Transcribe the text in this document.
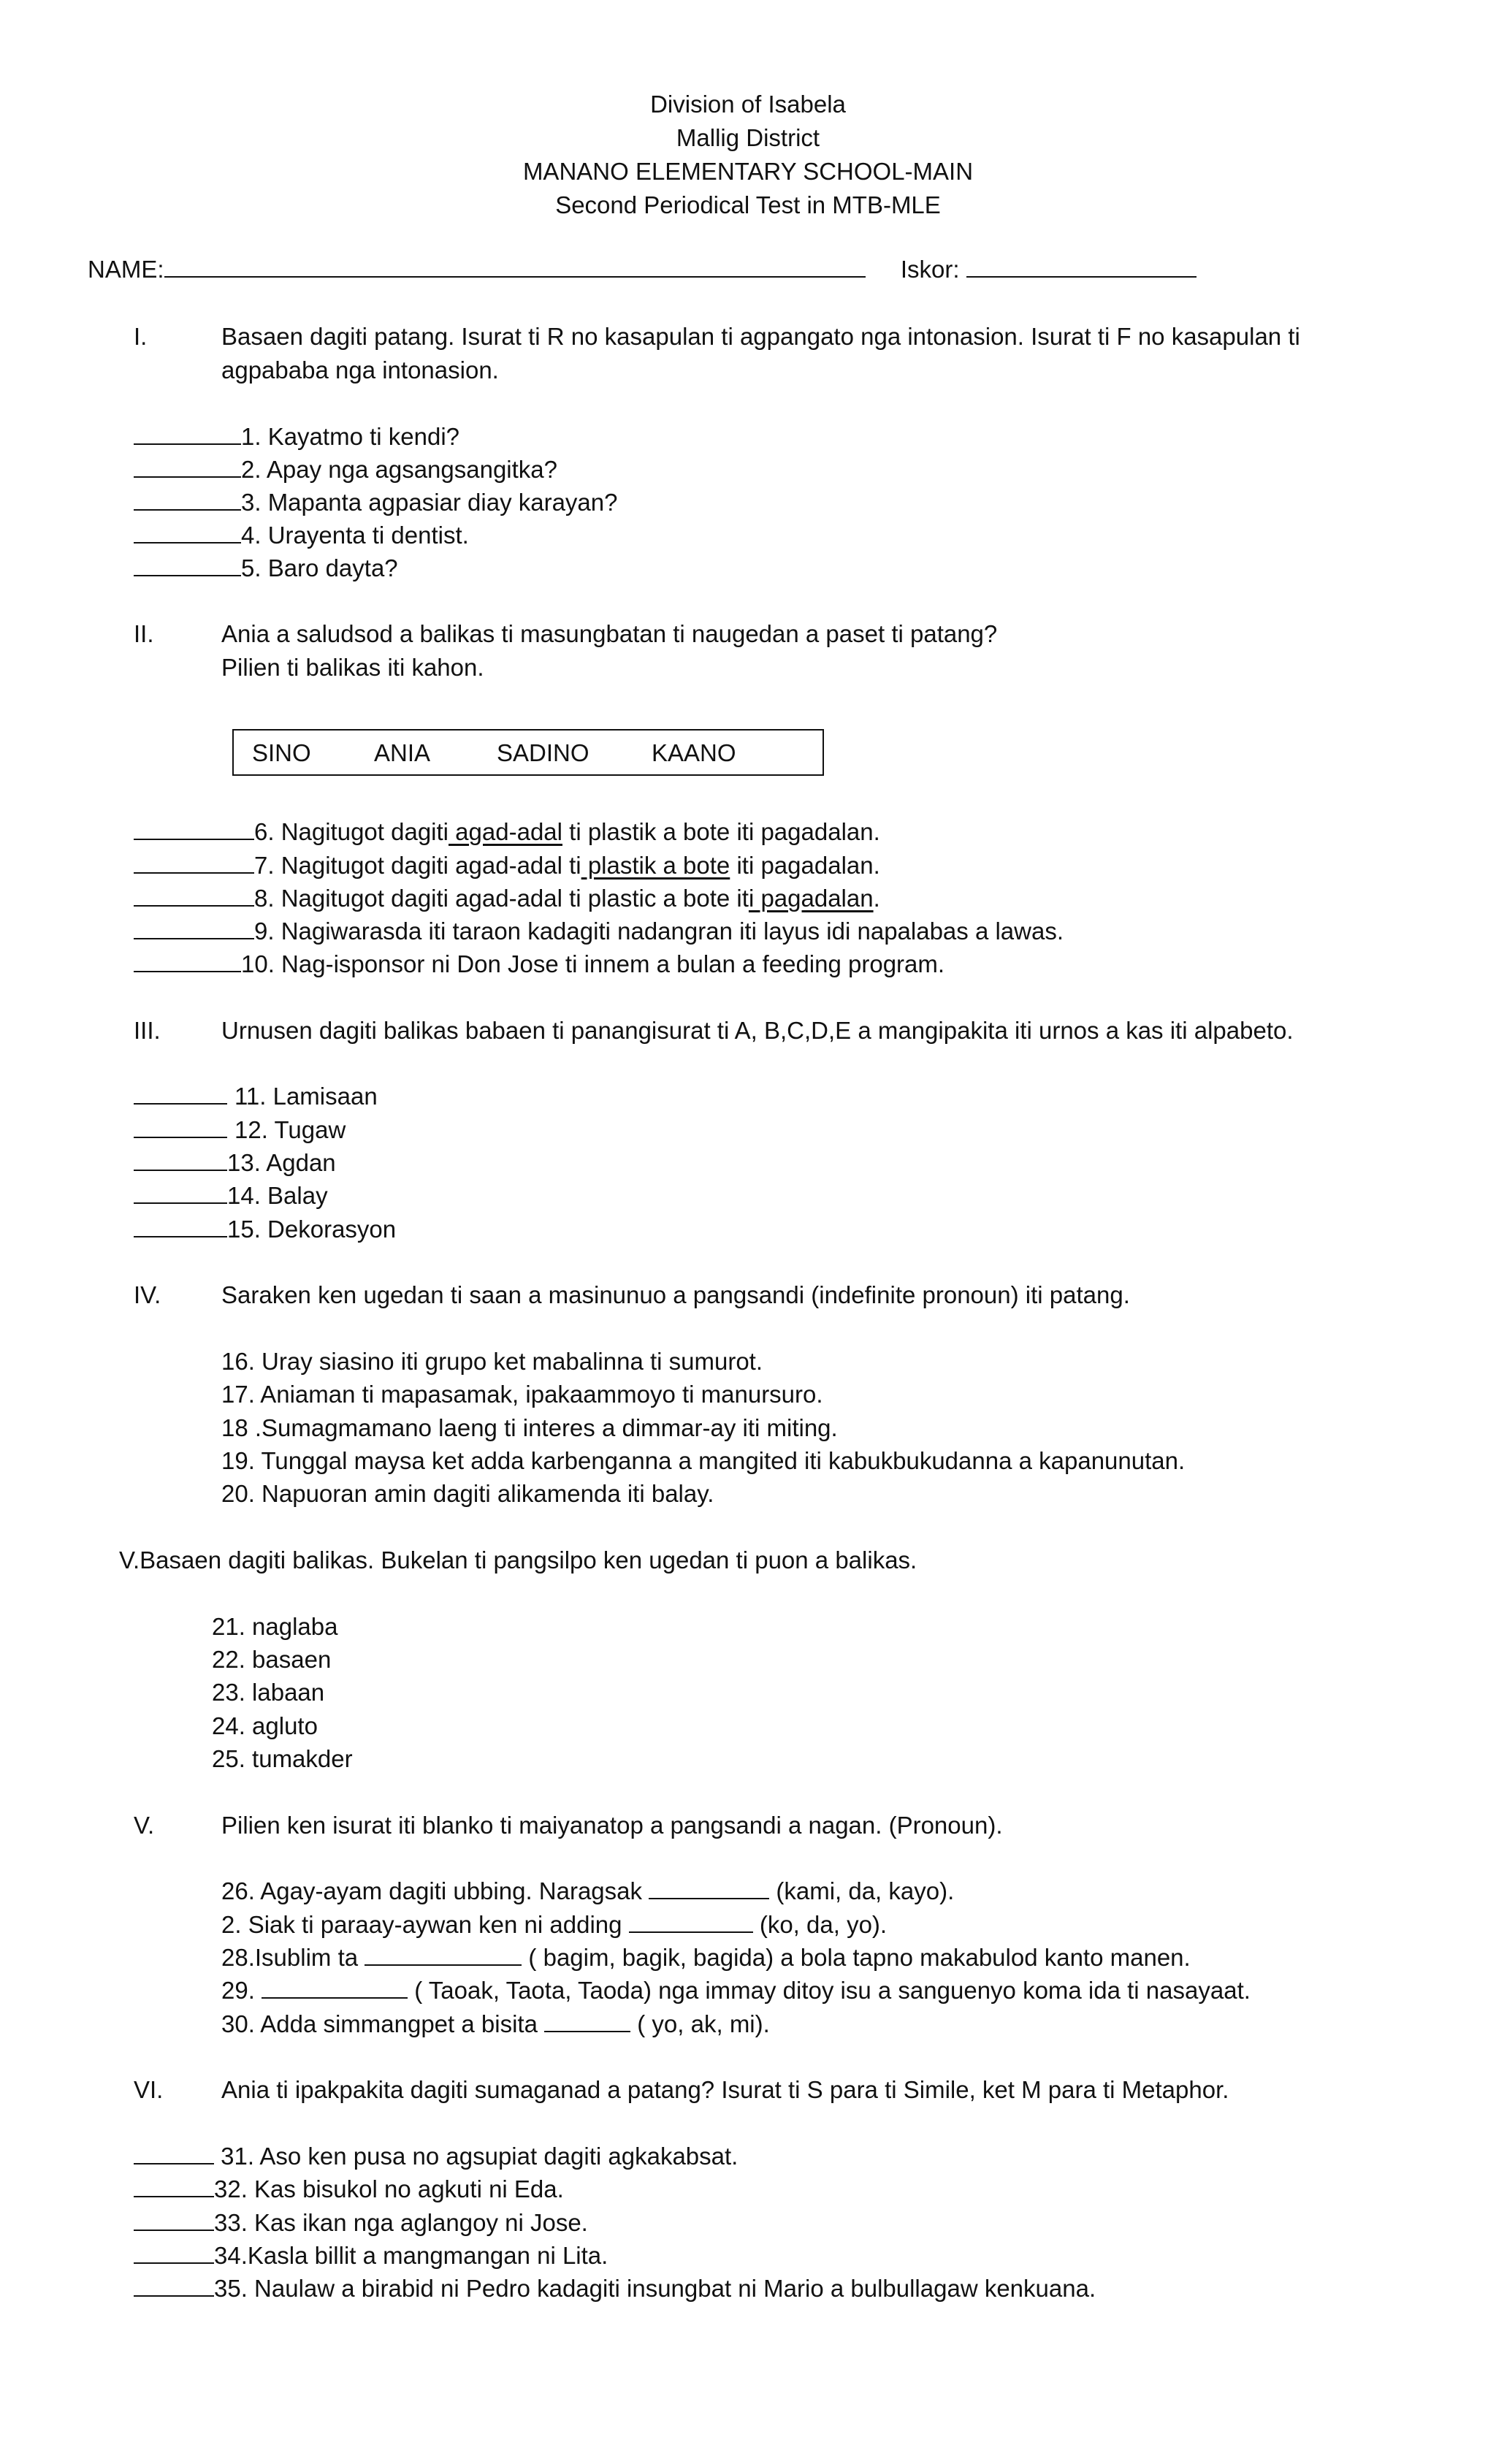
Division of Isabela
Mallig District
MANANO ELEMENTARY SCHOOL-MAIN
Second Periodical Test in MTB-MLE
NAME:	Iskor:
I.	Basaen dagiti patang. Isurat ti R no kasapulan ti agpangato nga intonasion. Isurat ti F no kasapulan ti
agpababa nga intonasion.
1. Kayatmo ti kendi?
2. Apay nga agsangsangitka?
3. Mapanta agpasiar diay karayan?
4. Urayenta ti dentist.
5. Baro dayta?
II.	Ania a saludsod a balikas ti masungbatan ti naugedan a paset ti patang?
Pilien ti balikas iti kahon.
SINO	ANIA	SADINO	KAANO
6. Nagitugot dagiti agad-adal ti plastik a bote iti pagadalan.
7. Nagitugot dagiti agad-adal ti plastik a bote iti pagadalan.
8. Nagitugot dagiti agad-adal ti plastic a bote iti pagadalan.
9. Nagiwarasda iti taraon kadagiti nadangran iti layus idi napalabas a lawas.
10. Nag-isponsor ni Don Jose ti innem a bulan a feeding program.
III.	Urnusen dagiti balikas babaen ti panangisurat ti A, B,C,D,E a mangipakita iti urnos a kas iti alpabeto.
11. Lamisaan
12. Tugaw
13. Agdan
14. Balay
15. Dekorasyon
IV.	Saraken ken ugedan ti saan a masinunuo a pangsandi (indefinite pronoun) iti patang.
16. Uray siasino iti grupo ket mabalinna ti sumurot.
17. Aniaman ti mapasamak, ipakaammoyo ti manursuro.
18 .Sumagmamano laeng ti interes a dimmar-ay iti miting.
19. Tunggal maysa ket adda karbenganna a mangited iti kabukbukudanna a kapanunutan.
20. Napuoran amin dagiti alikamenda iti balay.
V.Basaen dagiti balikas. Bukelan ti pangsilpo ken ugedan ti puon a balikas.
21. naglaba
22. basaen
23. labaan
24. agluto
25. tumakder
V.	Pilien ken isurat iti blanko ti maiyanatop a pangsandi a nagan. (Pronoun).
26. Agay-ayam dagiti ubbing. Naragsak	(kami, da, kayo).
2. Siak ti paraay-aywan ken ni adding	(ko, da, yo).
28.Isublim ta	( bagim, bagik, bagida) a bola tapno makabulod kanto manen.
29.	( Taoak, Taota, Taoda) nga immay ditoy isu a sanguenyo koma ida ti nasayaat.
30. Adda simmangpet a bisita	( yo, ak, mi).
VI. Ania ti ipakpakita dagiti sumaganad a patang? Isurat ti S para ti Simile, ket M para ti Metaphor.
31. Aso ken pusa no agsupiat dagiti agkakabsat.
32. Kas bisukol no agkuti ni Eda.
33. Kas ikan nga aglangoy ni Jose.
34.Kasla billit a mangmangan ni Lita.
35. Naulaw a birabid ni Pedro kadagiti insungbat ni Mario a bulbullagaw kenkuana.
